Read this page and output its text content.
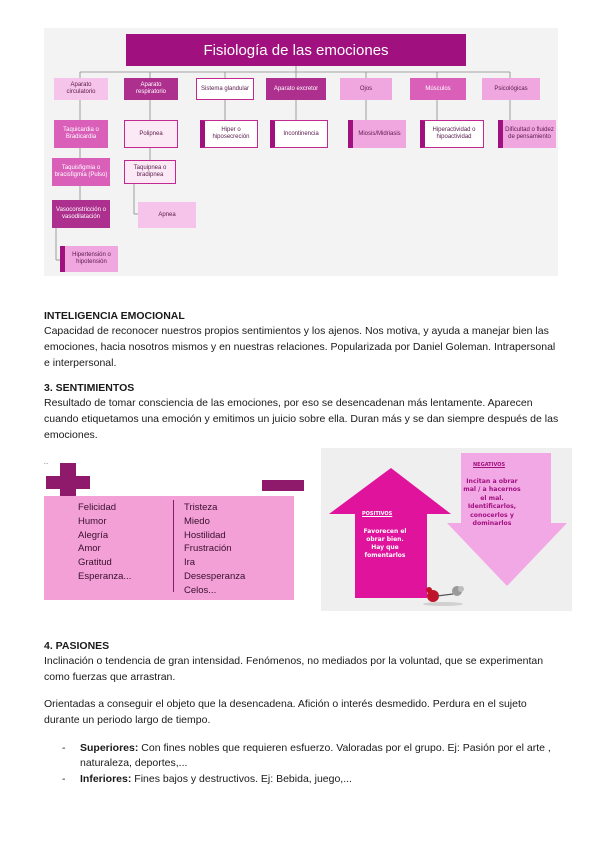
Fisiología de las emociones
Aparato circulatorio
Aparato respiratorio
Sistema glandular	Aparato excretor	Ojos	Músculos	Psicológicas
Taquicardia o Bradicardia
Polipnea
Hiper o hiposecreción
Incontinencia	Miosis/Midriasis
Hiperactividad o hipoactividad
Dificultad o fluidez de pensamiento
Taquisfigmia o bracisfigmia (Pulso)
Vasoconstricción o vasodilatación
Hipertensión o hipotensión
Taquipnea o bradipnea
Apnea
INTELIGENCIA EMOCIONAL
Capacidad de reconocer nuestros propios sentimientos y los ajenos. Nos motiva, y ayuda a manejar bien las emociones, hacia nosotros mismos y en nuestras relaciones. Popularizada por Daniel Goleman. Intrapersonal e interpersonal.
3. SENTIMIENTOS
Resultado de tomar consciencia de las emociones, por eso se desencadenan más lentamente. Aparecen cuando etiquetamos una emoción y emitimos un juicio sobre ella. Duran más y se dan siempre después de las emociones.
...
Felicidad
Humor
Alegría
Amor
Gratitud
Esperanza...
Tristeza
Miedo
Hostilidad
Frustración
Ira
Desesperanza
Celos...
NEGATIVOS
Incitan a obrar mal / a hacernos el mal. Identificarlos, conocerlos y dominarlos
POSITIVOS
Favorecen el obrar bien. Hay que fomentarlos
4. PASIONES
Inclinación o tendencia de gran intensidad. Fenómenos, no mediados por la voluntad, que se experimentan como fuerzas que arrastran.
Orientadas a conseguir el objeto que la desencadena. Afición o interés desmedido. Perdura en el sujeto durante un periodo largo de tiempo.
- Superiores: Con fines nobles que requieren esfuerzo. Valoradas por el grupo. Ej: Pasión por el arte , naturaleza, deportes,...
- Inferiores: Fines bajos y destructivos. Ej: Bebida, juego,...
